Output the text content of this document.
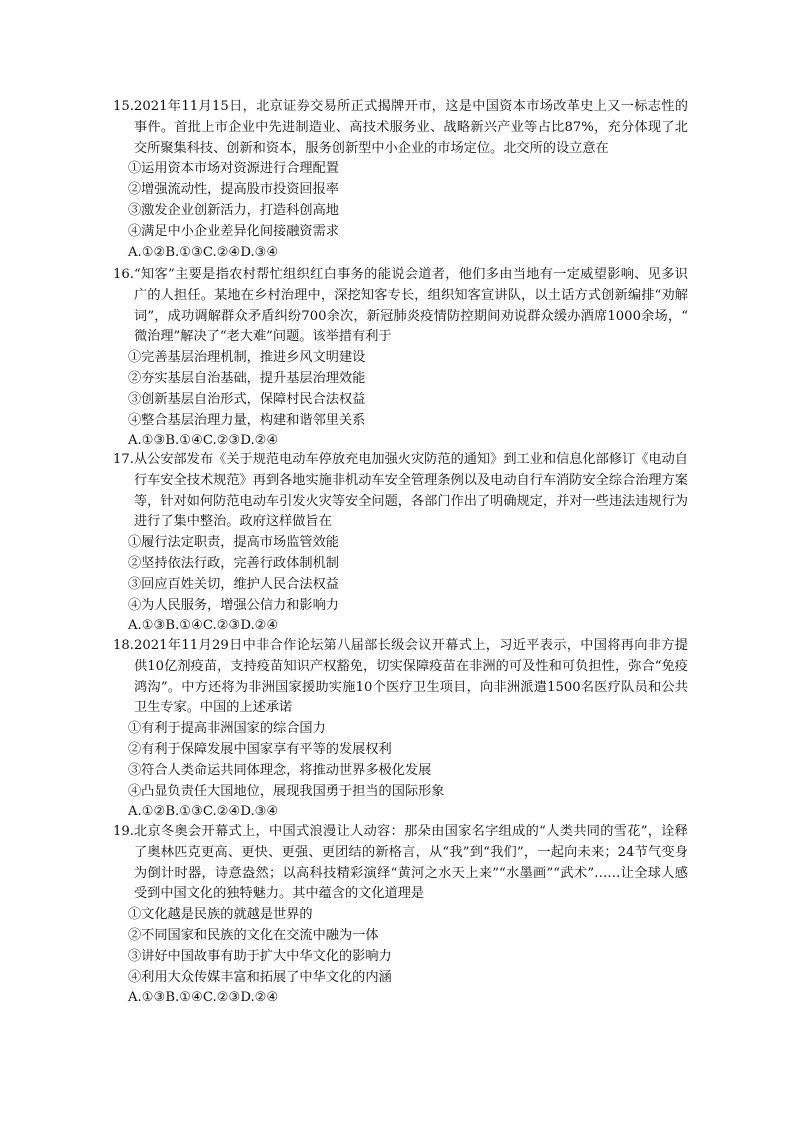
15. 2021年11月15日，北京证券交易所正式揭牌开市，这是中国资本市场改革史上又一标志性的事件。首批上市企业中先进制造业、高技术服务业、战略新兴产业等占比87%，充分体现了北交所聚集科技、创新和资本，服务创新型中小企业的市场定位。北交所的设立意在
①运用资本市场对资源进行合理配置
②增强流动性，提高股市投资回报率
③激发企业创新活力，打造科创高地
④满足中小企业差异化间接融资需求
A.①②B.①③C.②④D.③④
16. “知客”主要是指农村帮忙组织红白事务的能说会道者，他们多由当地有一定威望影响、见多识广的人担任。某地在乡村治理中，深挖知客专长，组织知客宣讲队，以土话方式创新编排“劝解词”，成功调解群众矛盾纠纷700余次，新冠肺炎疫情防控期间劝说群众缓办酒席1000余场，“微治理”解决了“老大难”问题。该举措有利于
①完善基层治理机制，推进乡风文明建设
②夯实基层自治基础，提升基层治理效能
③创新基层自治形式，保障村民合法权益
④整合基层治理力量，构建和谐邻里关系
A.①③B.①④C.②③D.②④
17. 从公安部发布《关于规范电动车停放充电加强火灾防范的通知》到工业和信息化部修订《电动自行车安全技术规范》再到各地实施非机动车安全管理条例以及电动自行车消防安全综合治理方案等，针对如何防范电动车引发火灾等安全问题，各部门作出了明确规定，并对一些违法违规行为进行了集中整治。政府这样做旨在
①履行法定职责，提高市场监管效能
②坚持依法行政，完善行政体制机制
③回应百姓关切，维护人民合法权益
④为人民服务，增强公信力和影响力
A.①③B.①④C.②③D.②④
18. 2021年11月29日中非合作论坛第八届部长级会议开幕式上，习近平表示，中国将再向非方提供10亿剂疫苗，支持疫苗知识产权豁免，切实保障疫苗在非洲的可及性和可负担性，弥合“免疫鸿沟”。中方还将为非洲国家援助实施10个医疗卫生项目，向非洲派遣1500名医疗队员和公共卫生专家。中国的上述承诺
①有利于提高非洲国家的综合国力
②有利于保障发展中国家享有平等的发展权利
③符合人类命运共同体理念，将推动世界多极化发展
④凸显负责任大国地位，展现我国勇于担当的国际形象
A.①②B.①③C.②④D.③④
19. 北京冬奥会开幕式上，中国式浪漫让人动容：那朵由国家名字组成的“人类共同的雪花”，诠释了奥林匹克更高、更快、更强、更团结的新格言，从“我”到“我们”，一起向未来；24节气变身为倒计时器，诗意盎然；以高科技精彩演绎“黄河之水天上来”“水墨画”“武术”……让全球人感受到中国文化的独特魅力。其中蕴含的文化道理是
①文化越是民族的就越是世界的
②不同国家和民族的文化在交流中融为一体
③讲好中国故事有助于扩大中华文化的影响力
④利用大众传媒丰富和拓展了中华文化的内涵
A.①③B.①④C.②③D.②④
